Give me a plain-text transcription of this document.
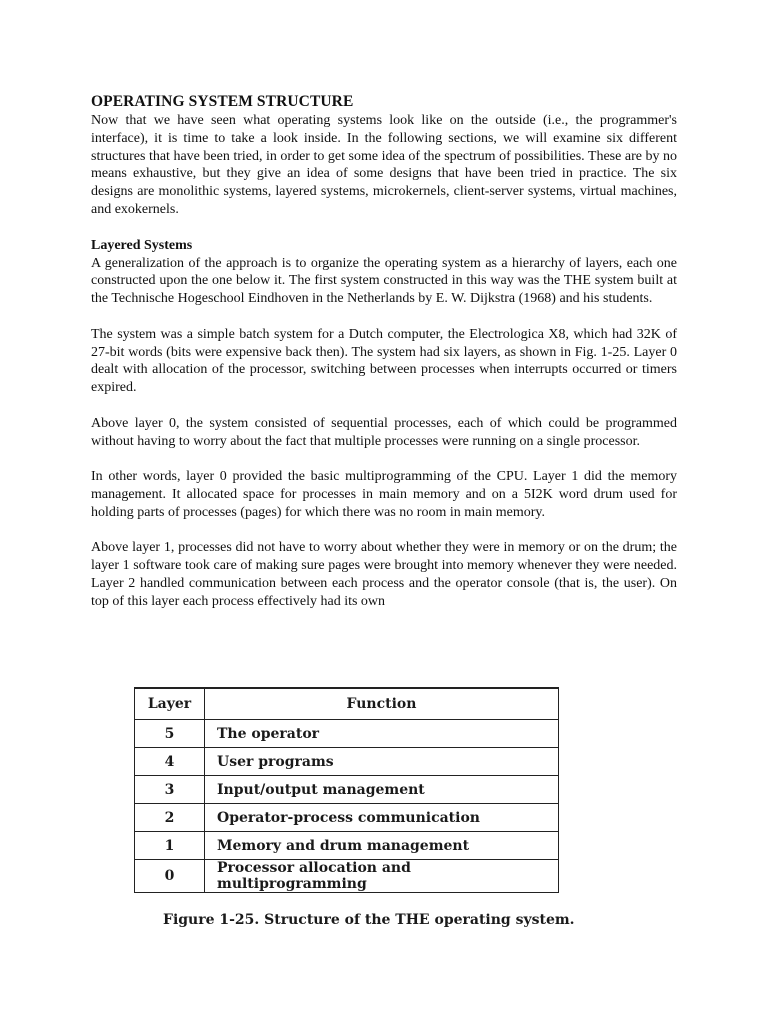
OPERATING SYSTEM STRUCTURE

Now that we have seen what operating systems look like on the outside (i.e., the programmer's interface), it is time to take a look inside. In the following sections, we will examine six different structures that have been tried, in order to get some idea of the spectrum of possibilities. These are by no means exhaustive, but they give an idea of some designs that have been tried in practice. The six designs are monolithic systems, layered systems, microkernels, client-server systems, virtual machines, and exokernels.

Layered Systems

A generalization of the approach is to organize the operating system as a hierarchy of layers, each one constructed upon the one below it. The first system constructed in this way was the THE system built at the Technische Hogeschool Eindhoven in the Netherlands by E. W. Dijkstra (1968) and his students.

The system was a simple batch system for a Dutch computer, the Electrologica X8, which had 32K of 27-bit words (bits were expensive back then). The system had six layers, as shown in Fig. 1-25. Layer 0 dealt with allocation of the processor, switching between processes when interrupts occurred or timers expired.

Above layer 0, the system consisted of sequential processes, each of which could be programmed without having to worry about the fact that multiple processes were running on a single processor.

In other words, layer 0 provided the basic multiprogramming of the CPU. Layer 1 did the memory management. It allocated space for processes in main memory and on a 5I2K word drum used for holding parts of processes (pages) for which there was no room in main memory.

Above layer 1, processes did not have to worry about whether they were in memory or on the drum; the layer 1 software took care of making sure pages were brought into memory whenever they were needed. Layer 2 handled communication between each process and the operator console (that is, the user). On top of this layer each process effectively had its own

Layer	Function
5	The operator
4	User programs
3	Input/output management
2	Operator-process communication
1	Memory and drum management
0	Processor allocation and multiprogramming

Figure 1-25. Structure of the THE operating system.
